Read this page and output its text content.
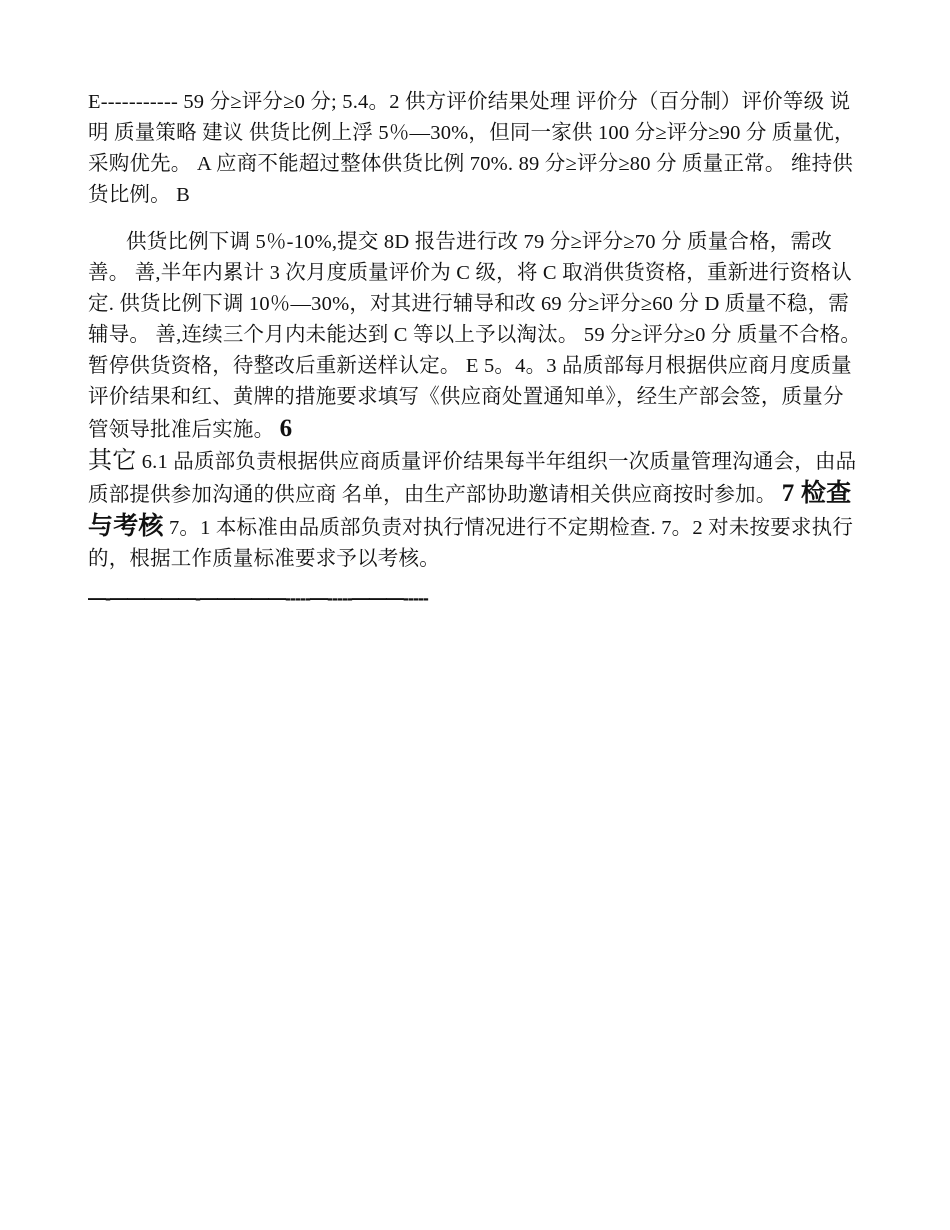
E----------- 59 分≥评分≥0 分; 5.4。2 供方评价结果处理 评价分（百分制）评价等级 说明 质量策略 建议 供货比例上浮 5％—30%，但同一家供 100 分≥评分≥90 分 质量优，采购优先。 A 应商不能超过整体供货比例 70%. 89 分≥评分≥80 分 质量正常。 维持供货比例。 B
供货比例下调 5％-10%,提交 8D 报告进行改 79 分≥评分≥70 分 质量合格，需改善。 善,半年内累计 3 次月度质量评价为 C 级，将 C 取消供货资格，重新进行资格认定. 供货比例下调 10％—30%，对其进行辅导和改 69 分≥评分≥60 分 D 质量不稳，需辅导。 善,连续三个月内未能达到 C 等以上予以淘汰。 59 分≥评分≥0 分 质量不合格。 暂停供货资格，待整改后重新送样认定。 E 5。4。3 品质部每月根据供应商月度质量评价结果和红、黄牌的措施要求填写《供应商处置通知单》，经生产部会签，质量分管领导批准后实施。 6
其它 6.1 品质部负责根据供应商质量评价结果每半年组织一次质量管理沟通会，由品质部提供参加沟通的供应商 名单，由生产部协助邀请相关供应商按时参加。 7 检查与考核 7。1 本标准由品质部负责对执行情况进行不定期检查. 7。2 对未按要求执行的，根据工作质量标准要求予以考核。
—-—————-—————-----—-----———-----
